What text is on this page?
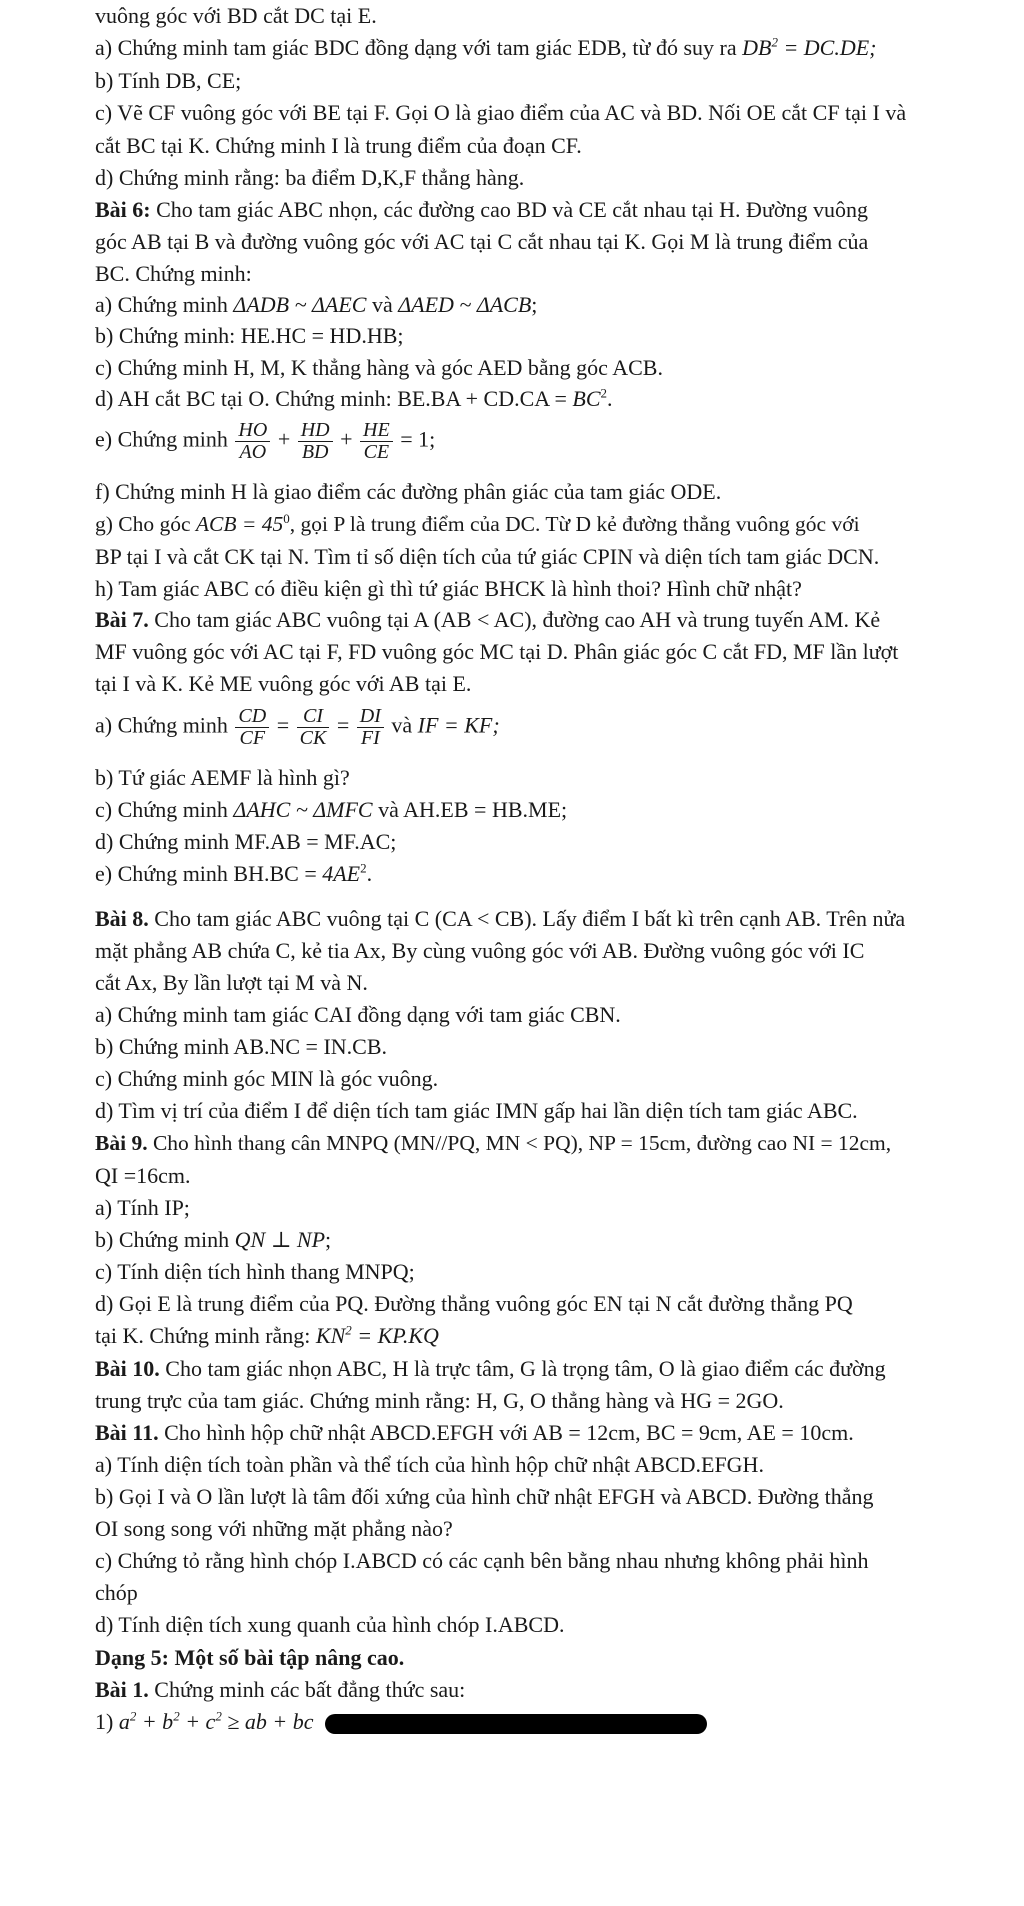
vuông góc với BD cắt DC tại E.
a) Chứng minh tam giác BDC đồng dạng với tam giác EDB, từ đó suy ra $DB^2 = DC.DE$;
b) Tính DB, CE;
c) Vẽ CF vuông góc với BE tại F. Gọi O là giao điểm của AC và BD. Nối OE cắt CF tại I và
cắt BC tại K. Chứng minh I là trung điểm của đoạn CF.
d) Chứng minh rằng: ba điểm D,K,F thẳng hàng.
Bài 6: Cho tam giác ABC nhọn, các đường cao BD và CE cắt nhau tại H. Đường vuông
góc AB tại B và đường vuông góc với AC tại C cắt nhau tại K. Gọi M là trung điểm của
BC. Chứng minh:
a) Chứng minh ΔADB ~ ΔAEC và ΔAED ~ ΔACB;
b) Chứng minh: HE.HC = HD.HB;
c) Chứng minh H, M, K thẳng hàng và góc AED bằng góc ACB.
d) AH cắt BC tại O. Chứng minh: $BE.BA + CD.CA = BC^2$.
e) Chứng minh $\frac{HO}{AO} + \frac{HD}{BD} + \frac{HE}{CE} = 1$;
f) Chứng minh H là giao điểm các đường phân giác của tam giác ODE.
g) Cho góc ACB = $45^0$, gọi P là trung điểm của DC. Từ D kẻ đường thẳng vuông góc với
BP tại I và cắt CK tại N. Tìm tỉ số diện tích của tứ giác CPIN và diện tích tam giác DCN.
h) Tam giác ABC có điều kiện gì thì tứ giác BHCK là hình thoi? Hình chữ nhật?
Bài 7. Cho tam giác ABC vuông tại A (AB < AC), đường cao AH và trung tuyến AM. Kẻ
MF vuông góc với AC tại F, FD vuông góc MC tại D. Phân giác góc C cắt FD, MF lần lượt
tại I và K. Kẻ ME vuông góc với AB tại E.
a) Chứng minh $\frac{CD}{CF} = \frac{CI}{CK} = \frac{DI}{FI}$ và IF = KF;
b) Tứ giác AEMF là hình gì?
c) Chứng minh ΔAHC ~ ΔMFC và AH.EB = HB.ME;
d) Chứng minh MF.AB = MF.AC;
e) Chứng minh $BH.BC = 4AE^2$.
Bài 8. Cho tam giác ABC vuông tại C (CA < CB). Lấy điểm I bất kì trên cạnh AB. Trên nửa
mặt phẳng AB chứa C, kẻ tia Ax, By cùng vuông góc với AB. Đường vuông góc với IC
cắt Ax, By lần lượt tại M và N.
a) Chứng minh tam giác CAI đồng dạng với tam giác CBN.
b) Chứng minh AB.NC = IN.CB.
c) Chứng minh góc MIN là góc vuông.
d) Tìm vị trí của điểm I để diện tích tam giác IMN gấp hai lần diện tích tam giác ABC.
Bài 9. Cho hình thang cân MNPQ (MN//PQ, MN < PQ), NP = 15cm, đường cao NI = 12cm,
QI =16cm.
a) Tính IP;
b) Chứng minh QN ⊥ NP;
c) Tính diện tích hình thang MNPQ;
d) Gọi E là trung điểm của PQ. Đường thẳng vuông góc EN tại N cắt đường thẳng PQ
tại K. Chứng minh rằng: $KN^2 = KP.KQ$
Bài 10. Cho tam giác nhọn ABC, H là trực tâm, G là trọng tâm, O là giao điểm các đường
trung trực của tam giác. Chứng minh rằng: H, G, O thẳng hàng và HG = 2GO.
Bài 11. Cho hình hộp chữ nhật ABCD.EFGH với AB = 12cm, BC = 9cm, AE = 10cm.
a) Tính diện tích toàn phần và thể tích của hình hộp chữ nhật ABCD.EFGH.
b) Gọi I và O lần lượt là tâm đối xứng của hình chữ nhật EFGH và ABCD. Đường thẳng
OI song song với những mặt phẳng nào?
c) Chứng tỏ rằng hình chóp I.ABCD có các cạnh bên bằng nhau nhưng không phải hình
chóp
d) Tính diện tích xung quanh của hình chóp I.ABCD.
Dạng 5: Một số bài tập nâng cao.
Bài 1. Chứng minh các bất đẳng thức sau:
1) $a^2 + b^2 + c^2$ ≥ ab + bc
